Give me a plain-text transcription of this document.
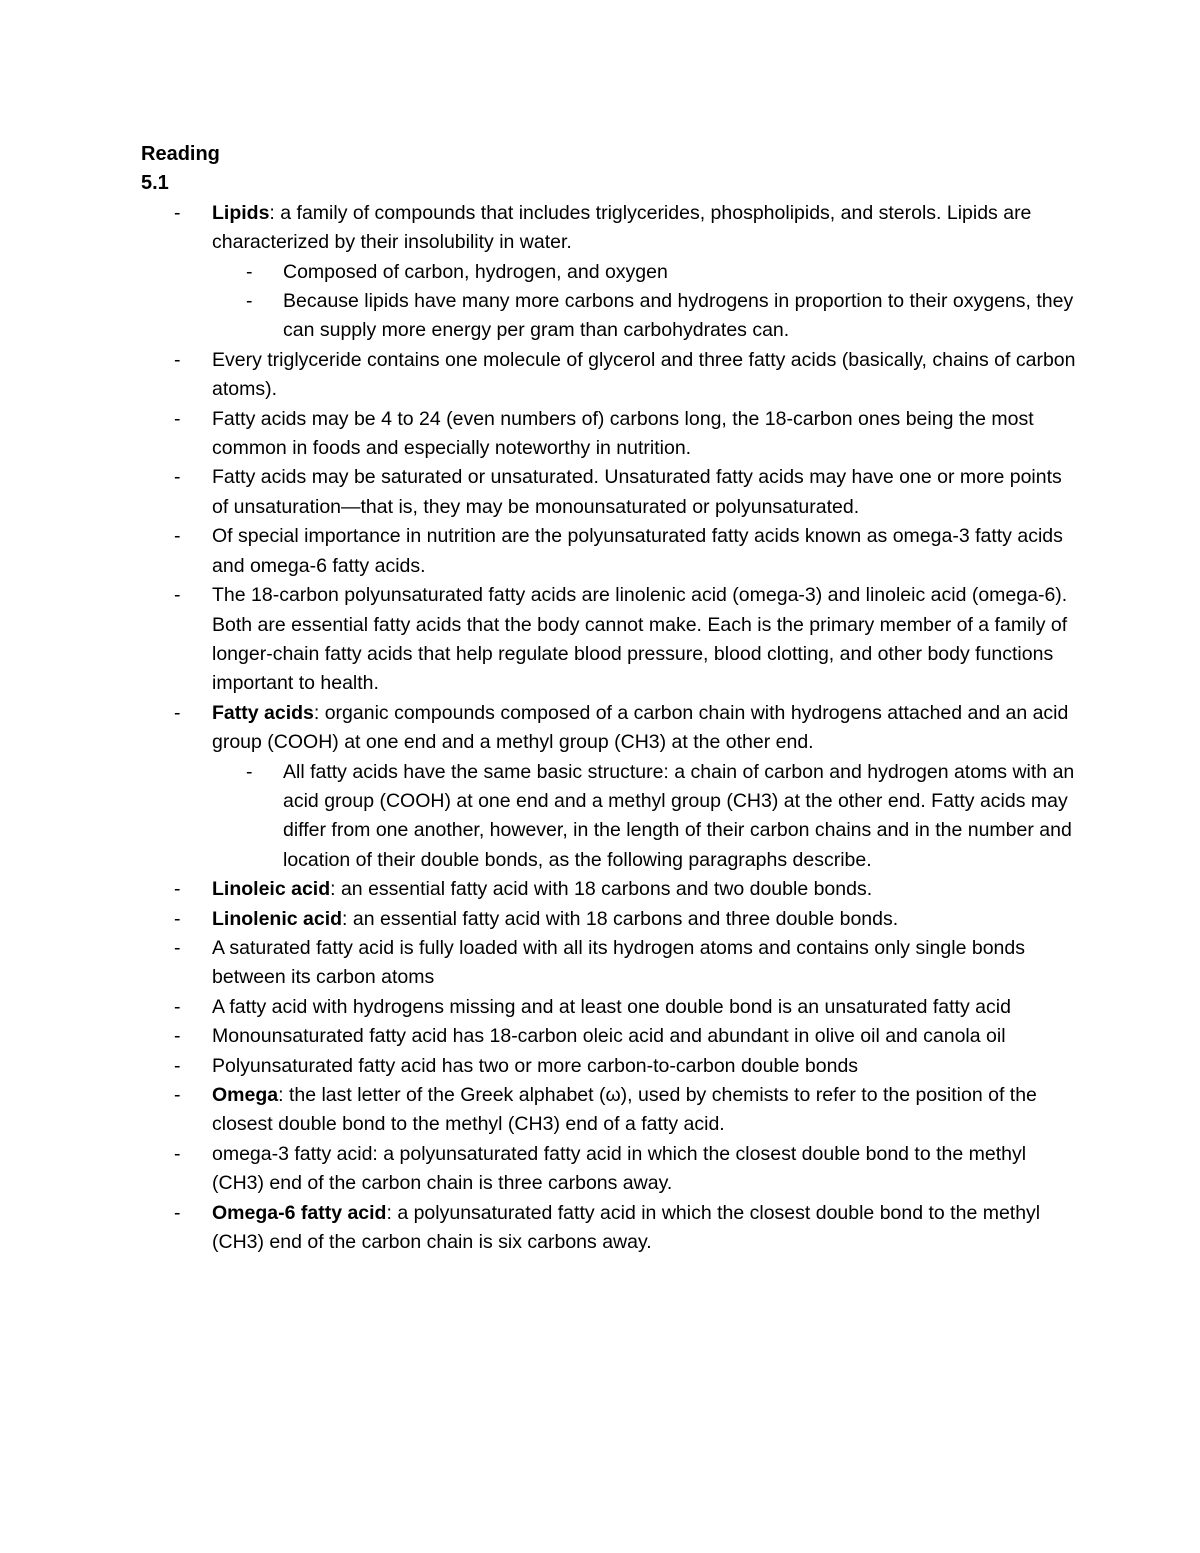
Reading
5.1
- Lipids: a family of compounds that includes triglycerides, phospholipids, and sterols. Lipids are characterized by their insolubility in water.
- Composed of carbon, hydrogen, and oxygen
- Because lipids have many more carbons and hydrogens in proportion to their oxygens, they can supply more energy per gram than carbohydrates can.
- Every triglyceride contains one molecule of glycerol and three fatty acids (basically, chains of carbon atoms).
- Fatty acids may be 4 to 24 (even numbers of) carbons long, the 18-carbon ones being the most common in foods and especially noteworthy in nutrition.
- Fatty acids may be saturated or unsaturated. Unsaturated fatty acids may have one or more points of unsaturation—that is, they may be monounsaturated or polyunsaturated.
- Of special importance in nutrition are the polyunsaturated fatty acids known as omega-3 fatty acids and omega-6 fatty acids.
- The 18-carbon polyunsaturated fatty acids are linolenic acid (omega-3) and linoleic acid (omega-6). Both are essential fatty acids that the body cannot make. Each is the primary member of a family of longer-chain fatty acids that help regulate blood pressure, blood clotting, and other body functions important to health.
- Fatty acids: organic compounds composed of a carbon chain with hydrogens attached and an acid group (COOH) at one end and a methyl group (CH3) at the other end.
- All fatty acids have the same basic structure: a chain of carbon and hydrogen atoms with an acid group (COOH) at one end and a methyl group (CH3) at the other end. Fatty acids may differ from one another, however, in the length of their carbon chains and in the number and location of their double bonds, as the following paragraphs describe.
- Linoleic acid: an essential fatty acid with 18 carbons and two double bonds.
- Linolenic acid: an essential fatty acid with 18 carbons and three double bonds.
- A saturated fatty acid is fully loaded with all its hydrogen atoms and contains only single bonds between its carbon atoms
- A fatty acid with hydrogens missing and at least one double bond is an unsaturated fatty acid
- Monounsaturated fatty acid has 18-carbon oleic acid and abundant in olive oil and canola oil
- Polyunsaturated fatty acid has two or more carbon-to-carbon double bonds
- Omega: the last letter of the Greek alphabet (ω), used by chemists to refer to the position of the closest double bond to the methyl (CH3) end of a fatty acid.
- omega-3 fatty acid: a polyunsaturated fatty acid in which the closest double bond to the methyl (CH3) end of the carbon chain is three carbons away.
- Omega-6 fatty acid: a polyunsaturated fatty acid in which the closest double bond to the methyl (CH3) end of the carbon chain is six carbons away.
